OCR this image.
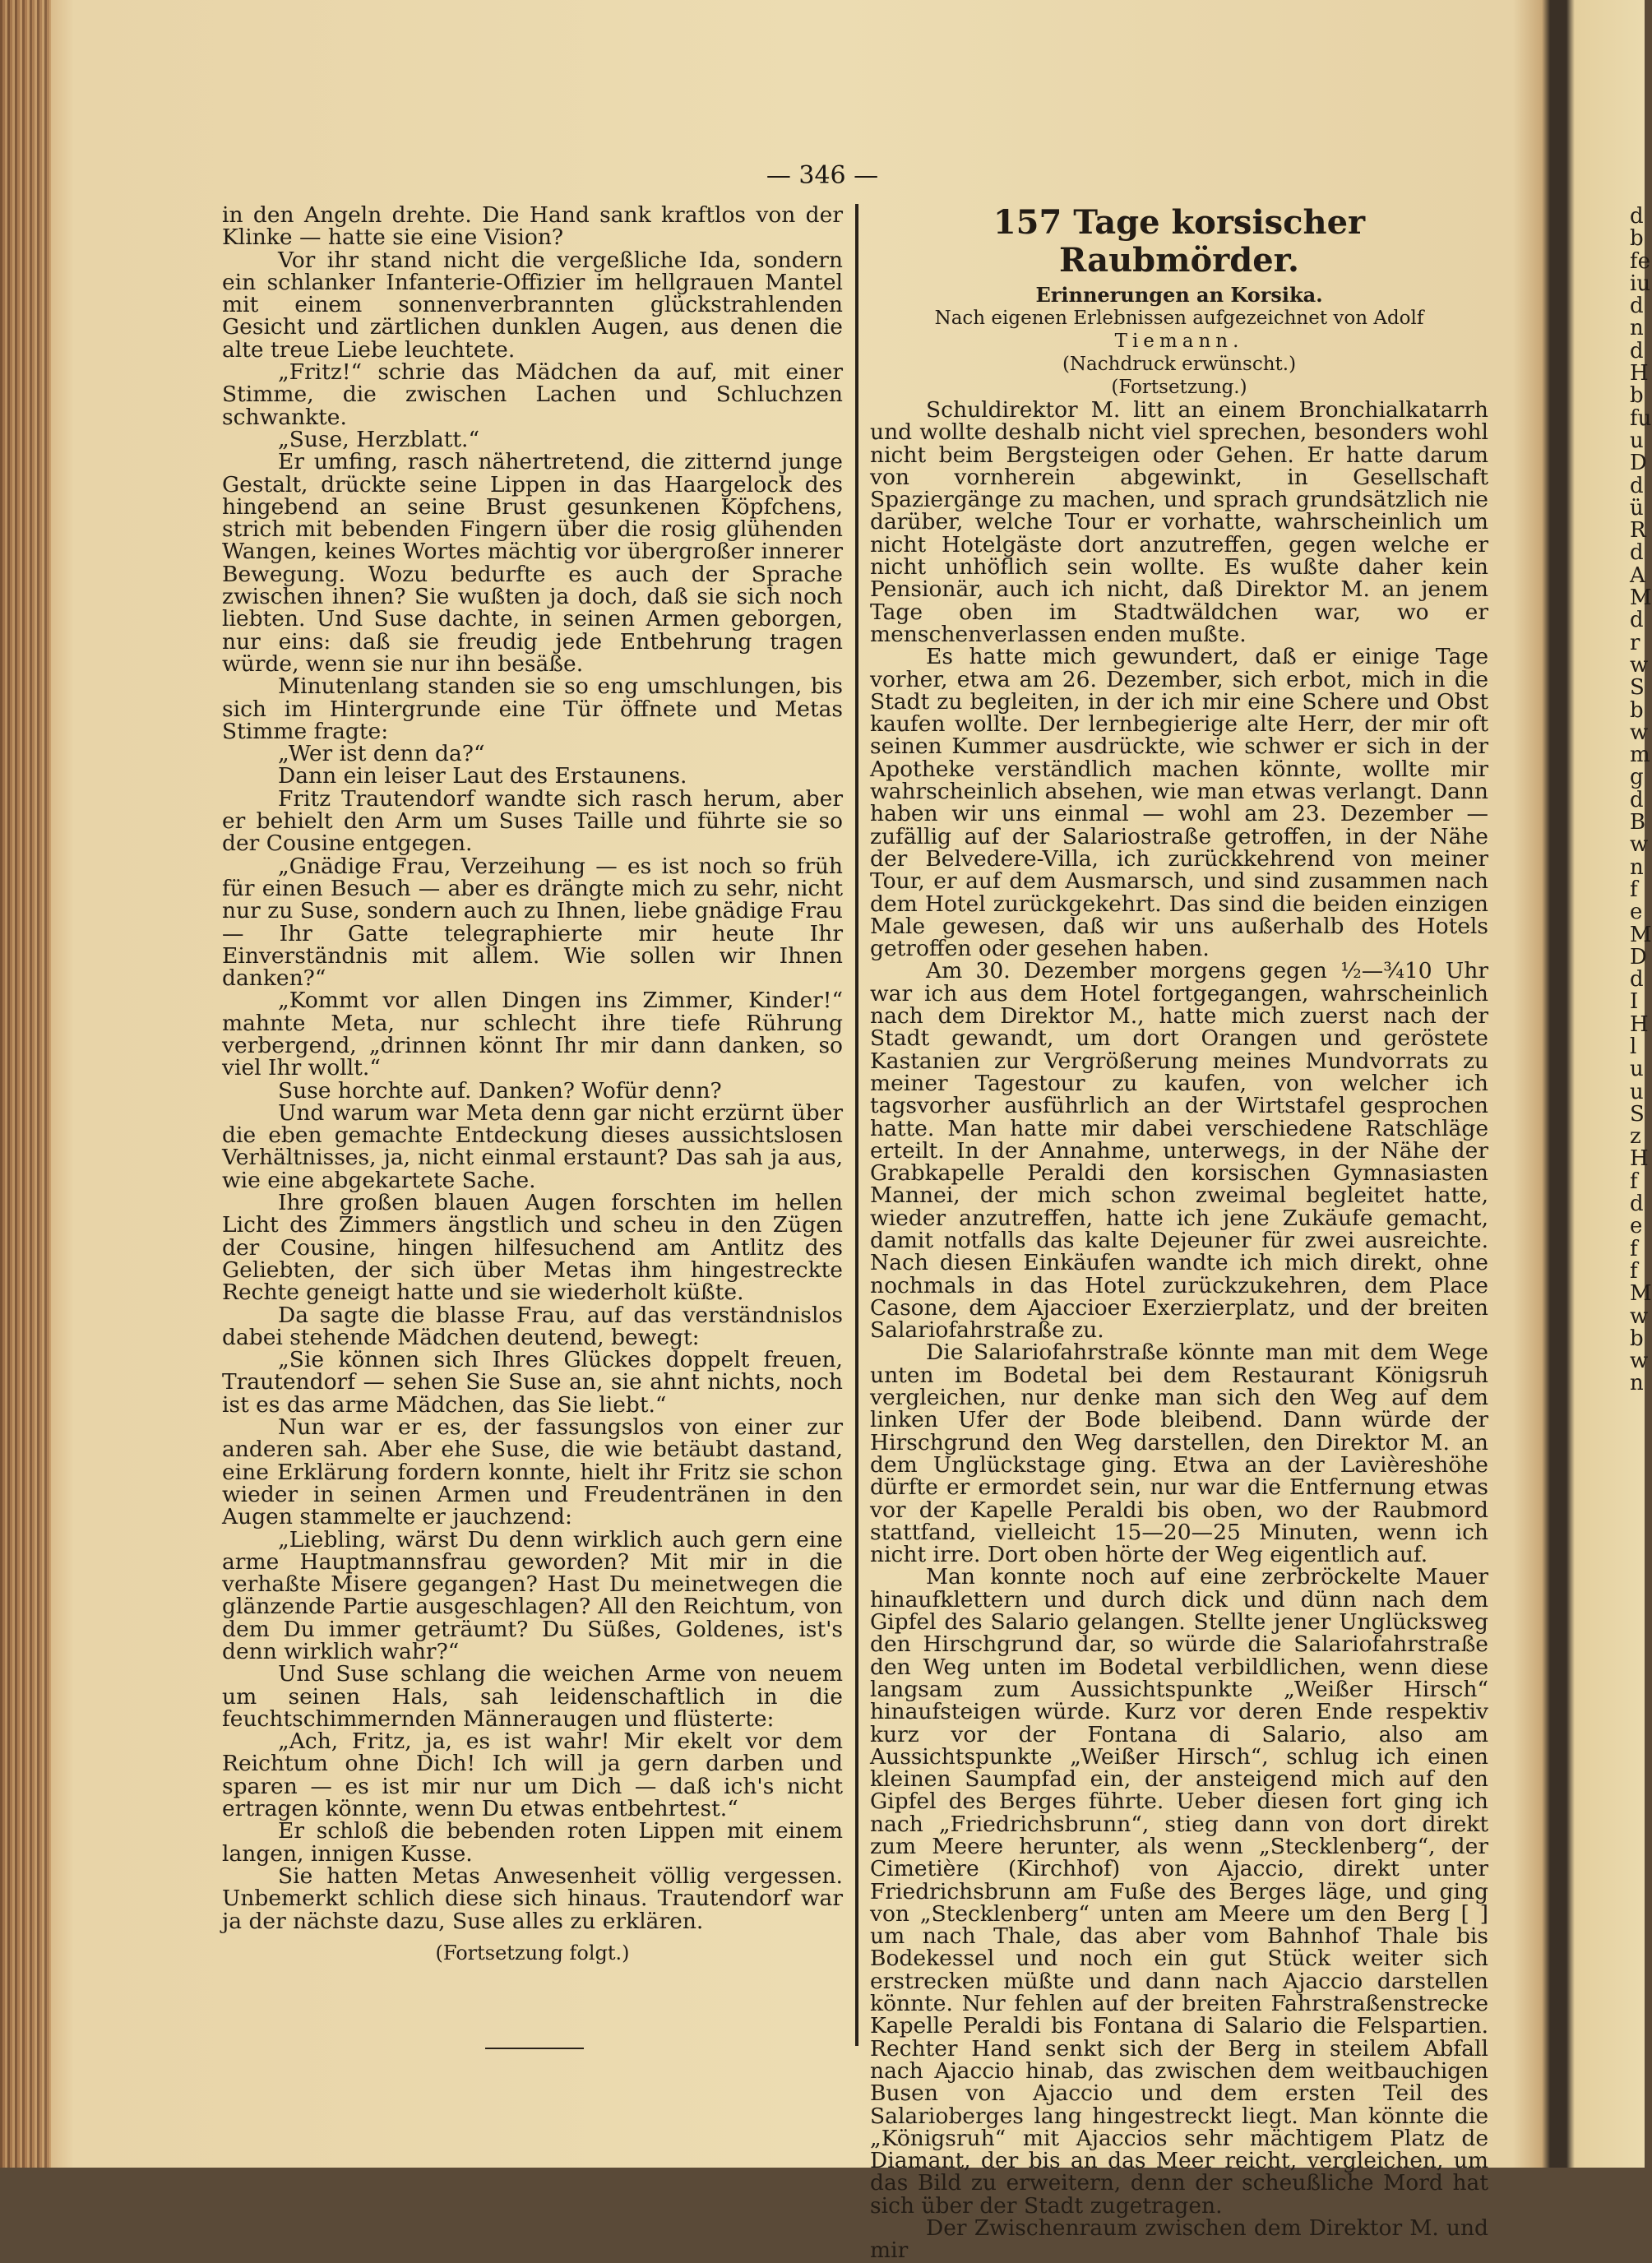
— 346 —

in den Angeln drehte. Die Hand sank kraftlos von der Klinke — hatte sie eine Vision?

Vor ihr stand nicht die vergeßliche Ida, sondern ein schlanker Infanterie-Offizier im hellgrauen Mantel mit einem sonnenverbrannten glückstrahlenden Gesicht und zärtlichen dunklen Augen, aus denen die alte treue Liebe leuchtete.

„Fritz!“ schrie das Mädchen da auf, mit einer Stimme, die zwischen Lachen und Schluchzen schwankte.

„Suse, Herzblatt.“

Er umfing, rasch nähertretend, die zitternd junge Gestalt, drückte seine Lippen in das Haargelock des hingebend an seine Brust gesunkenen Köpfchens, strich mit bebenden Fingern über die rosig glühenden Wangen, keines Wortes mächtig vor übergroßer innerer Bewegung. Wozu bedurfte es auch der Sprache zwischen ihnen? Sie wußten ja doch, daß sie sich noch liebten. Und Suse dachte, in seinen Armen geborgen, nur eins: daß sie freudig jede Entbehrung tragen würde, wenn sie nur ihn besäße.

Minutenlang standen sie so eng umschlungen, bis sich im Hintergrunde eine Tür öffnete und Metas Stimme fragte:

„Wer ist denn da?“

Dann ein leiser Laut des Erstaunens.

Fritz Trautendorf wandte sich rasch herum, aber er behielt den Arm um Suses Taille und führte sie so der Cousine entgegen.

„Gnädige Frau, Verzeihung — es ist noch so früh für einen Besuch — aber es drängte mich zu sehr, nicht nur zu Suse, sondern auch zu Ihnen, liebe gnädige Frau — Ihr Gatte telegraphierte mir heute Ihr Einverständnis mit allem. Wie sollen wir Ihnen danken?“

„Kommt vor allen Dingen ins Zimmer, Kinder!“ mahnte Meta, nur schlecht ihre tiefe Rührung verbergend, „drinnen könnt Ihr mir dann danken, so viel Ihr wollt.“

Suse horchte auf. Danken? Wofür denn?

Und warum war Meta denn gar nicht erzürnt über die eben gemachte Entdeckung dieses aussichtslosen Verhältnisses, ja, nicht einmal erstaunt? Das sah ja aus, wie eine abgekartete Sache.

Ihre großen blauen Augen forschten im hellen Licht des Zimmers ängstlich und scheu in den Zügen der Cousine, hingen hilfesuchend am Antlitz des Geliebten, der sich über Metas ihm hingestreckte Rechte geneigt hatte und sie wiederholt küßte.

Da sagte die blasse Frau, auf das verständnislos dabei stehende Mädchen deutend, bewegt:

„Sie können sich Ihres Glückes doppelt freuen, Trautendorf — sehen Sie Suse an, sie ahnt nichts, noch ist es das arme Mädchen, das Sie liebt.“

Nun war er es, der fassungslos von einer zur anderen sah. Aber ehe Suse, die wie betäubt dastand, eine Erklärung fordern konnte, hielt ihr Fritz sie schon wieder in seinen Armen und Freudentränen in den Augen stammelte er jauchzend:

„Liebling, wärst Du denn wirklich auch gern eine arme Hauptmannsfrau geworden? Mit mir in die verhaßte Misere gegangen? Hast Du meinetwegen die glänzende Partie ausgeschlagen? All den Reichtum, von dem Du immer geträumt? Du Süßes, Goldenes, ist's denn wirklich wahr?“

Und Suse schlang die weichen Arme von neuem um seinen Hals, sah leidenschaftlich in die feuchtschimmernden Männeraugen und flüsterte:

„Ach, Fritz, ja, es ist wahr! Mir ekelt vor dem Reichtum ohne Dich! Ich will ja gern darben und sparen — es ist mir nur um Dich — daß ich's nicht ertragen könnte, wenn Du etwas entbehrtest.“

Er schloß die bebenden roten Lippen mit einem langen, innigen Kusse.

Sie hatten Metas Anwesenheit völlig vergessen. Unbemerkt schlich diese sich hinaus. Trautendorf war ja der nächste dazu, Suse alles zu erklären.

(Fortsetzung folgt.)
157 Tage korsischer Raubmörder.
Erinnerungen an Korsika.
Nach eigenen Erlebnissen aufgezeichnet von Adolf Tiemann.
(Nachdruck erwünscht.)
(Fortsetzung.)

Schuldirektor M. litt an einem Bronchialkatarrh und wollte deshalb nicht viel sprechen, besonders wohl nicht beim Bergsteigen oder Gehen. Er hatte darum von vornherein abgewinkt, in Gesellschaft Spaziergänge zu machen, und sprach grundsätzlich nie darüber, welche Tour er vorhatte, wahrscheinlich um nicht Hotelgäste dort anzutreffen, gegen welche er nicht unhöflich sein wollte. Es wußte daher kein Pensionär, auch ich nicht, daß Direktor M. an jenem Tage oben im Stadtwäldchen war, wo er menschenverlassen enden mußte.

Es hatte mich gewundert, daß er einige Tage vorher, etwa am 26. Dezember, sich erbot, mich in die Stadt zu begleiten, in der ich mir eine Schere und Obst kaufen wollte. Der lernbegierige alte Herr, der mir oft seinen Kummer ausdrückte, wie schwer er sich in der Apotheke verständlich machen könnte, wollte mir wahrscheinlich absehen, wie man etwas verlangt. Dann haben wir uns einmal — wohl am 23. Dezember — zufällig auf der Salariostraße getroffen, in der Nähe der Belvedere-Villa, ich zurückkehrend von meiner Tour, er auf dem Ausmarsch, und sind zusammen nach dem Hotel zurückgekehrt. Das sind die beiden einzigen Male gewesen, daß wir uns außerhalb des Hotels getroffen oder gesehen haben.

Am 30. Dezember morgens gegen ½—¾10 Uhr war ich aus dem Hotel fortgegangen, wahrscheinlich nach dem Direktor M., hatte mich zuerst nach der Stadt gewandt, um dort Orangen und geröstete Kastanien zur Vergrößerung meines Mundvorrats zu meiner Tagestour zu kaufen, von welcher ich tagsvorher ausführlich an der Wirtstafel gesprochen hatte. Man hatte mir dabei verschiedene Ratschläge erteilt. In der Annahme, unterwegs, in der Nähe der Grabkapelle Peraldi den korsischen Gymnasiasten Mannei, der mich schon zweimal begleitet hatte, wieder anzutreffen, hatte ich jene Zukäufe gemacht, damit notfalls das kalte Dejeuner für zwei ausreichte. Nach diesen Einkäufen wandte ich mich direkt, ohne nochmals in das Hotel zurückzukehren, dem Place Casone, dem Ajaccioer Exerzierplatz, und der breiten Salariofahrstraße zu.

Die Salariofahrstraße könnte man mit dem Wege unten im Bodetal bei dem Restaurant Königsruh vergleichen, nur denke man sich den Weg auf dem linken Ufer der Bode bleibend. Dann würde der Hirschgrund den Weg darstellen, den Direktor M. an dem Unglückstage ging. Etwa an der Lavièreshöhe dürfte er ermordet sein, nur war die Entfernung etwas vor der Kapelle Peraldi bis oben, wo der Raubmord stattfand, vielleicht 15—20—25 Minuten, wenn ich nicht irre. Dort oben hörte der Weg eigentlich auf.

Man konnte noch auf eine zerbröckelte Mauer hinaufklettern und durch dick und dünn nach dem Gipfel des Salario gelangen. Stellte jener Unglücksweg den Hirschgrund dar, so würde die Salariofahrstraße den Weg unten im Bodetal verbildlichen, wenn diese langsam zum Aussichtspunkte „Weißer Hirsch“ hinaufsteigen würde. Kurz vor deren Ende respektiv kurz vor der Fontana di Salario, also am Aussichtspunkte „Weißer Hirsch“, schlug ich einen kleinen Saumpfad ein, der ansteigend mich auf den Gipfel des Berges führte. Ueber diesen fort ging ich nach „Friedrichsbrunn“, stieg dann von dort direkt zum Meere herunter, als wenn „Stecklenberg“, der Cimetière (Kirchhof) von Ajaccio, direkt unter Friedrichsbrunn am Fuße des Berges läge, und ging von „Stecklenberg“ unten am Meere um den Berg [ ] um nach Thale, das aber vom Bahnhof Thale bis Bodekessel und noch ein gut Stück weiter sich erstrecken müßte und dann nach Ajaccio darstellen könnte. Nur fehlen auf der breiten Fahrstraßenstrecke Kapelle Peraldi bis Fontana di Salario die Felspartien. Rechter Hand senkt sich der Berg in steilem Abfall nach Ajaccio hinab, das zwischen dem weitbauchigen Busen von Ajaccio und dem ersten Teil des Salarioberges lang hingestreckt liegt. Man könnte die „Königsruh“ mit Ajaccios sehr mächtigem Platz de Diamant, der bis an das Meer reicht, vergleichen, um das Bild zu erweitern, denn der scheußliche Mord hat sich über der Stadt zugetragen.

Der Zwischenraum zwischen dem Direktor M. und mir

d
b
fe
iu
d
n
d
H
b
fu
u
D
d
ü
R
d
A
M
d
r
w
S
b
w
m
g
d
B
w
n
f
e
M
D
d
I
H
l
u
u
S
z
H
f
d
e
f
f
M
w
b
w
n
